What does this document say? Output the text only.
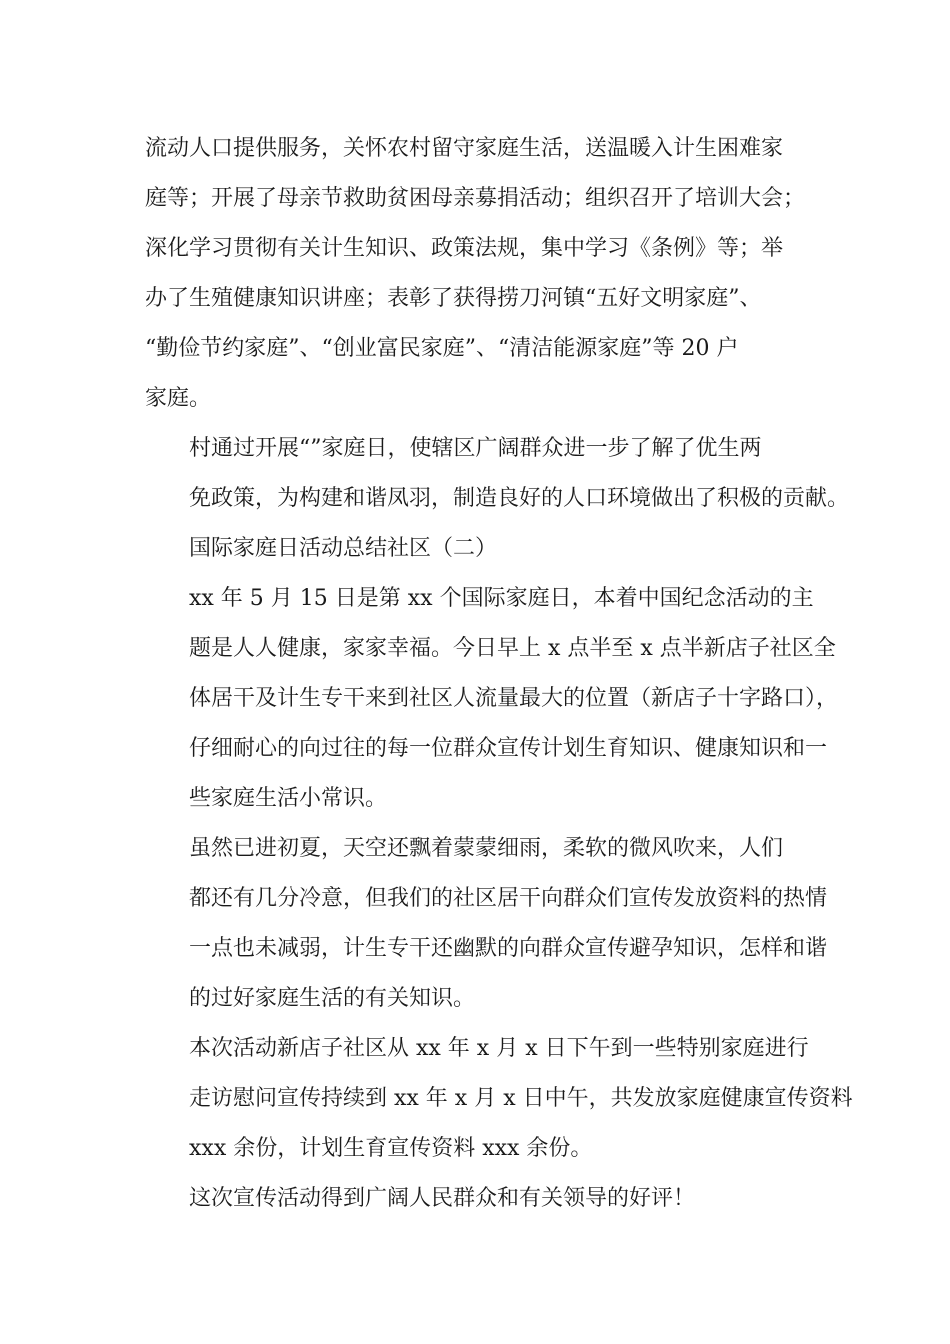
流动人口提供服务，关怀农村留守家庭生活，送温暖入计生困难家
庭等；开展了母亲节救助贫困母亲募捐活动；组织召开了培训大会；
深化学习贯彻有关计生知识、政策法规，集中学习《条例》等；举
办了生殖健康知识讲座；表彰了获得捞刀河镇“五好文明家庭”、
“勤俭节约家庭”、“创业富民家庭”、“清洁能源家庭”等 20 户
家庭。

村通过开展“”家庭日，使辖区广阔群众进一步了解了优生两
免政策，为构建和谐凤羽，制造良好的人口环境做出了积极的贡献。

国际家庭日活动总结社区（二）

xx 年 5 月 15 日是第 xx 个国际家庭日，本着中国纪念活动的主
题是人人健康，家家幸福。今日早上 x 点半至 x 点半新店子社区全
体居干及计生专干来到社区人流量最大的位置（新店子十字路口），
仔细耐心的向过往的每一位群众宣传计划生育知识、健康知识和一
些家庭生活小常识。

虽然已进初夏，天空还飘着蒙蒙细雨，柔软的微风吹来，人们
都还有几分冷意，但我们的社区居干向群众们宣传发放资料的热情
一点也未减弱，计生专干还幽默的向群众宣传避孕知识，怎样和谐
的过好家庭生活的有关知识。

本次活动新店子社区从 xx 年 x 月 x 日下午到一些特别家庭进行
走访慰问宣传持续到 xx 年 x 月 x 日中午，共发放家庭健康宣传资料
xxx 余份，计划生育宣传资料 xxx 余份。

这次宣传活动得到广阔人民群众和有关领导的好评！
